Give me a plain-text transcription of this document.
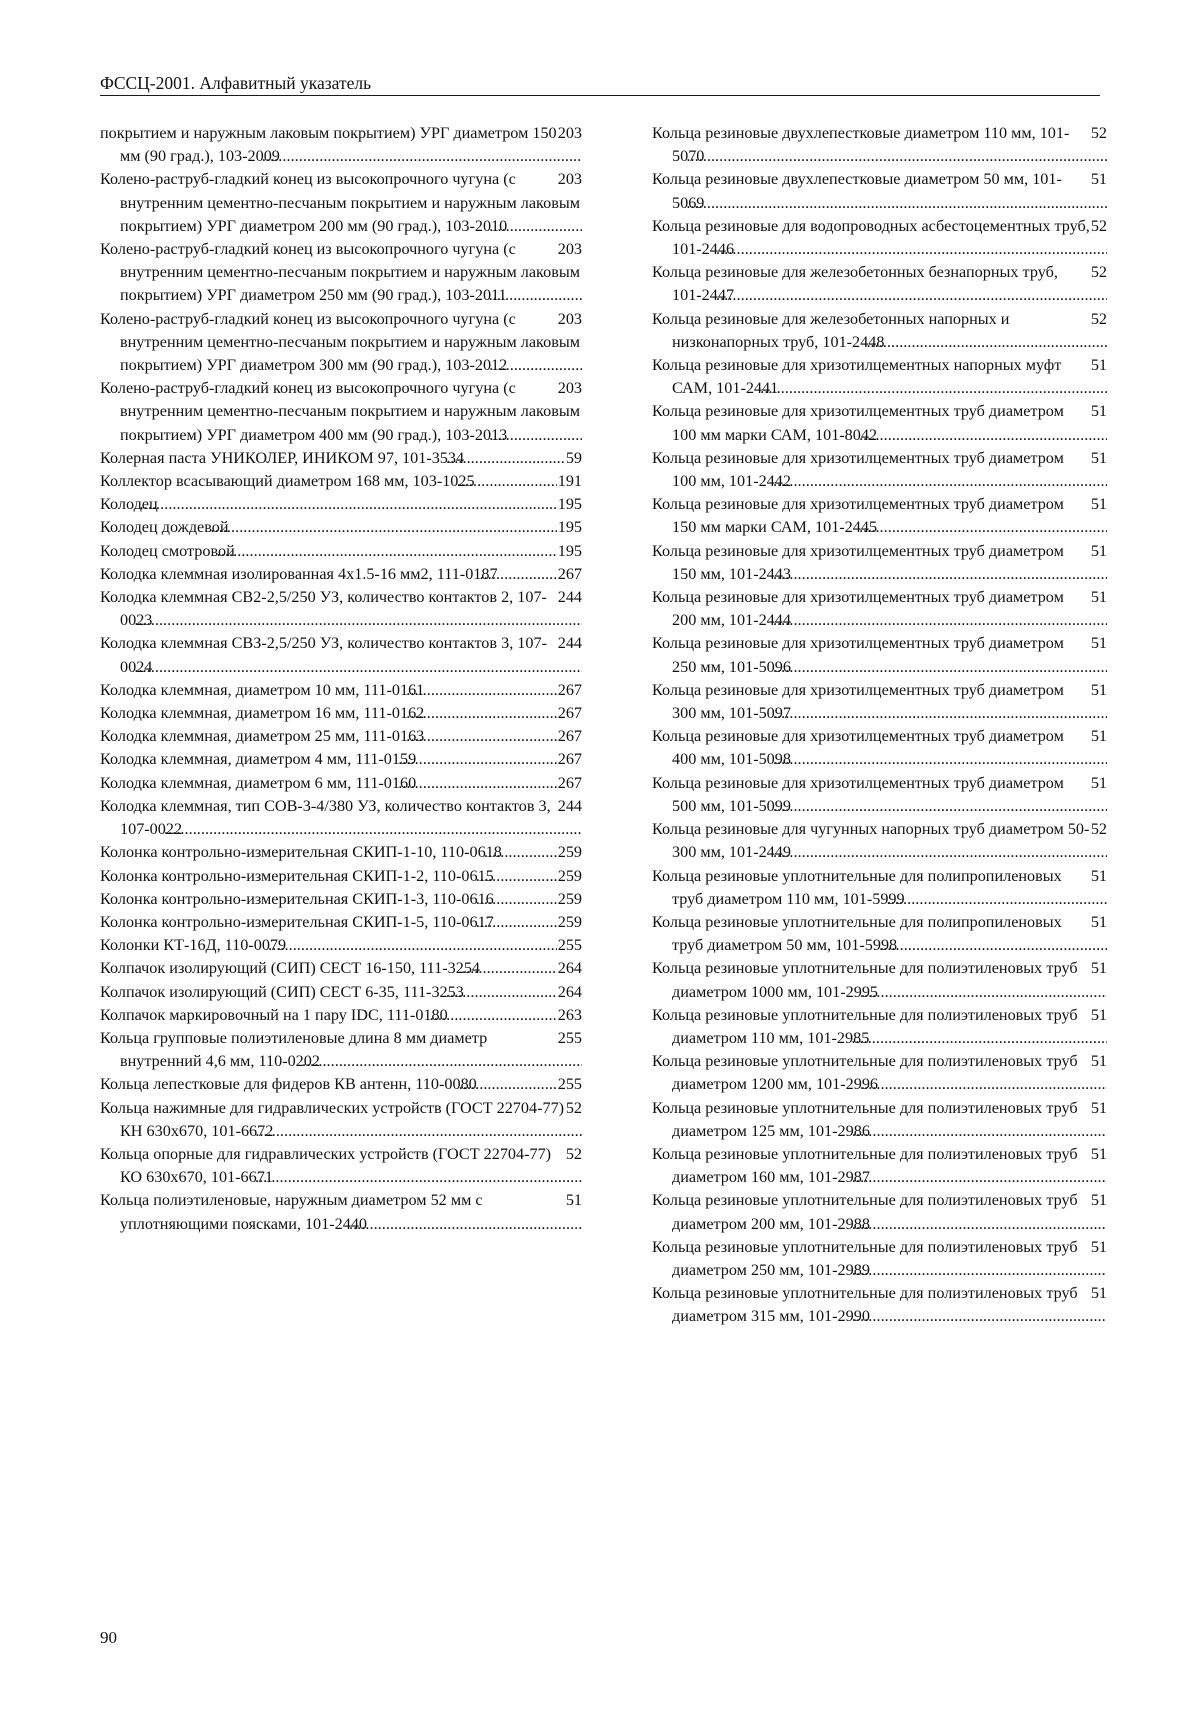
ФССЦ-2001. Алфавитный указатель
203
покрытием и наружным лаковым покрытием) УРГ диаметром 150 мм (90 град.), 103-2009 . . .
203
Колено-раструб-гладкий конец из высокопрочного чугуна (с внутренним цементно-песчаным покрытием и наружным лаковым покрытием) УРГ диаметром 200 мм (90 град.), 103-2010 . . .
203
Колено-раструб-гладкий конец из высокопрочного чугуна (с внутренним цементно-песчаным покрытием и наружным лаковым покрытием) УРГ диаметром 250 мм (90 град.), 103-2011 . . .
203
Колено-раструб-гладкий конец из высокопрочного чугуна (с внутренним цементно-песчаным покрытием и наружным лаковым покрытием) УРГ диаметром 300 мм (90 град.), 103-2012 . . .
203
Колено-раструб-гладкий конец из высокопрочного чугуна (с внутренним цементно-песчаным покрытием и наружным лаковым покрытием) УРГ диаметром 400 мм (90 град.), 103-2013 . . .
59
Колерная паста УНИКОЛЕР, ИНИКОМ 97, 101-3534 . . .
191
Коллектор всасывающий диаметром 168 мм, 103-1025 . . .
195
Колодец . . .
195
Колодец дождевой . . .
195
Колодец смотровой . . .
267
Колодка клеммная изолированная 4х1.5-16 мм2, 111-0187 . . .
244
Колодка клеммная СВ2-2,5/250 УЗ, количество контактов 2, 107-0023 . . .
244
Колодка клеммная СВЗ-2,5/250 УЗ, количество контактов 3, 107-0024 . . .
267
Колодка клеммная, диаметром 10 мм, 111-0161 . . .
267
Колодка клеммная, диаметром 16 мм, 111-0162 . . .
267
Колодка клеммная, диаметром 25 мм, 111-0163 . . .
267
Колодка клеммная, диаметром 4 мм, 111-0159 . . .
267
Колодка клеммная, диаметром 6 мм, 111-0160 . . .
244
Колодка клеммная, тип СОВ-3-4/380 УЗ, количество контактов 3, 107-0022 . . .
259
Колонка контрольно-измерительная СКИП-1-10, 110-0618 . . .
259
Колонка контрольно-измерительная СКИП-1-2, 110-0615 . . .
259
Колонка контрольно-измерительная СКИП-1-3, 110-0616 . . .
259
Колонка контрольно-измерительная СКИП-1-5, 110-0617 . . .
255
Колонки КТ-16Д, 110-0079 . . .
264
Колпачок изолирующий (СИП) СЕСТ 16-150, 111-3254 . . .
264
Колпачок изолирующий (СИП) СЕСТ 6-35, 111-3253 . . .
263
Колпачок маркировочный на 1 пару IDC, 111-0180 . . .
255
Кольца групповые полиэтиленовые длина 8 мм диаметр внутренний 4,6 мм, 110-0202 . . .
255
Кольца лепестковые для фидеров КВ антенн, 110-0080 . . .
52
Кольца нажимные для гидравлических устройств (ГОСТ 22704-77) КН 630х670, 101-6672 . . .
52
Кольца опорные для гидравлических устройств (ГОСТ 22704-77) КО 630х670, 101-6671 . . .
51
Кольца полиэтиленовые, наружным диаметром 52 мм с уплотняющими поясками, 101-2440 . . .
52
Кольца резиновые двухлепестковые диаметром 110 мм, 101-5070 . . .
51
Кольца резиновые двухлепестковые диаметром 50 мм, 101-5069 . . .
52
Кольца резиновые для водопроводных асбестоцементных труб, 101-2446 . . .
52
Кольца резиновые для железобетонных безнапорных труб, 101-2447 . . .
52
Кольца резиновые для железобетонных напорных и низконапорных труб, 101-2448 . . .
51
Кольца резиновые для хризотилцементных напорных муфт САМ, 101-2441 . . .
51
Кольца резиновые для хризотилцементных труб диаметром 100 мм марки САМ, 101-8042 . . .
51
Кольца резиновые для хризотилцементных труб диаметром 100 мм, 101-2442 . . .
51
Кольца резиновые для хризотилцементных труб диаметром 150 мм марки САМ, 101-2445 . . .
51
Кольца резиновые для хризотилцементных труб диаметром 150 мм, 101-2443 . . .
51
Кольца резиновые для хризотилцементных труб диаметром 200 мм, 101-2444 . . .
51
Кольца резиновые для хризотилцементных труб диаметром 250 мм, 101-5096 . . .
51
Кольца резиновые для хризотилцементных труб диаметром 300 мм, 101-5097 . . .
51
Кольца резиновые для хризотилцементных труб диаметром 400 мм, 101-5098 . . .
51
Кольца резиновые для хризотилцементных труб диаметром 500 мм, 101-5099 . . .
52
Кольца резиновые для чугунных напорных труб диаметром 50-300 мм, 101-2449 . . .
51
Кольца резиновые уплотнительные для полипропиленовых труб диаметром 110 мм, 101-5999 . . .
51
Кольца резиновые уплотнительные для полипропиленовых труб диаметром 50 мм, 101-5998 . . .
51
Кольца резиновые уплотнительные для полиэтиленовых труб диаметром 1000 мм, 101-2995 . . .
51
Кольца резиновые уплотнительные для полиэтиленовых труб диаметром 110 мм, 101-2985 . . .
51
Кольца резиновые уплотнительные для полиэтиленовых труб диаметром 1200 мм, 101-2996 . . .
51
Кольца резиновые уплотнительные для полиэтиленовых труб диаметром 125 мм, 101-2986 . . .
51
Кольца резиновые уплотнительные для полиэтиленовых труб диаметром 160 мм, 101-2987 . . .
51
Кольца резиновые уплотнительные для полиэтиленовых труб диаметром 200 мм, 101-2988 . . .
51
Кольца резиновые уплотнительные для полиэтиленовых труб диаметром 250 мм, 101-2989 . . .
51
Кольца резиновые уплотнительные для полиэтиленовых труб диаметром 315 мм, 101-2990 . . .
90
